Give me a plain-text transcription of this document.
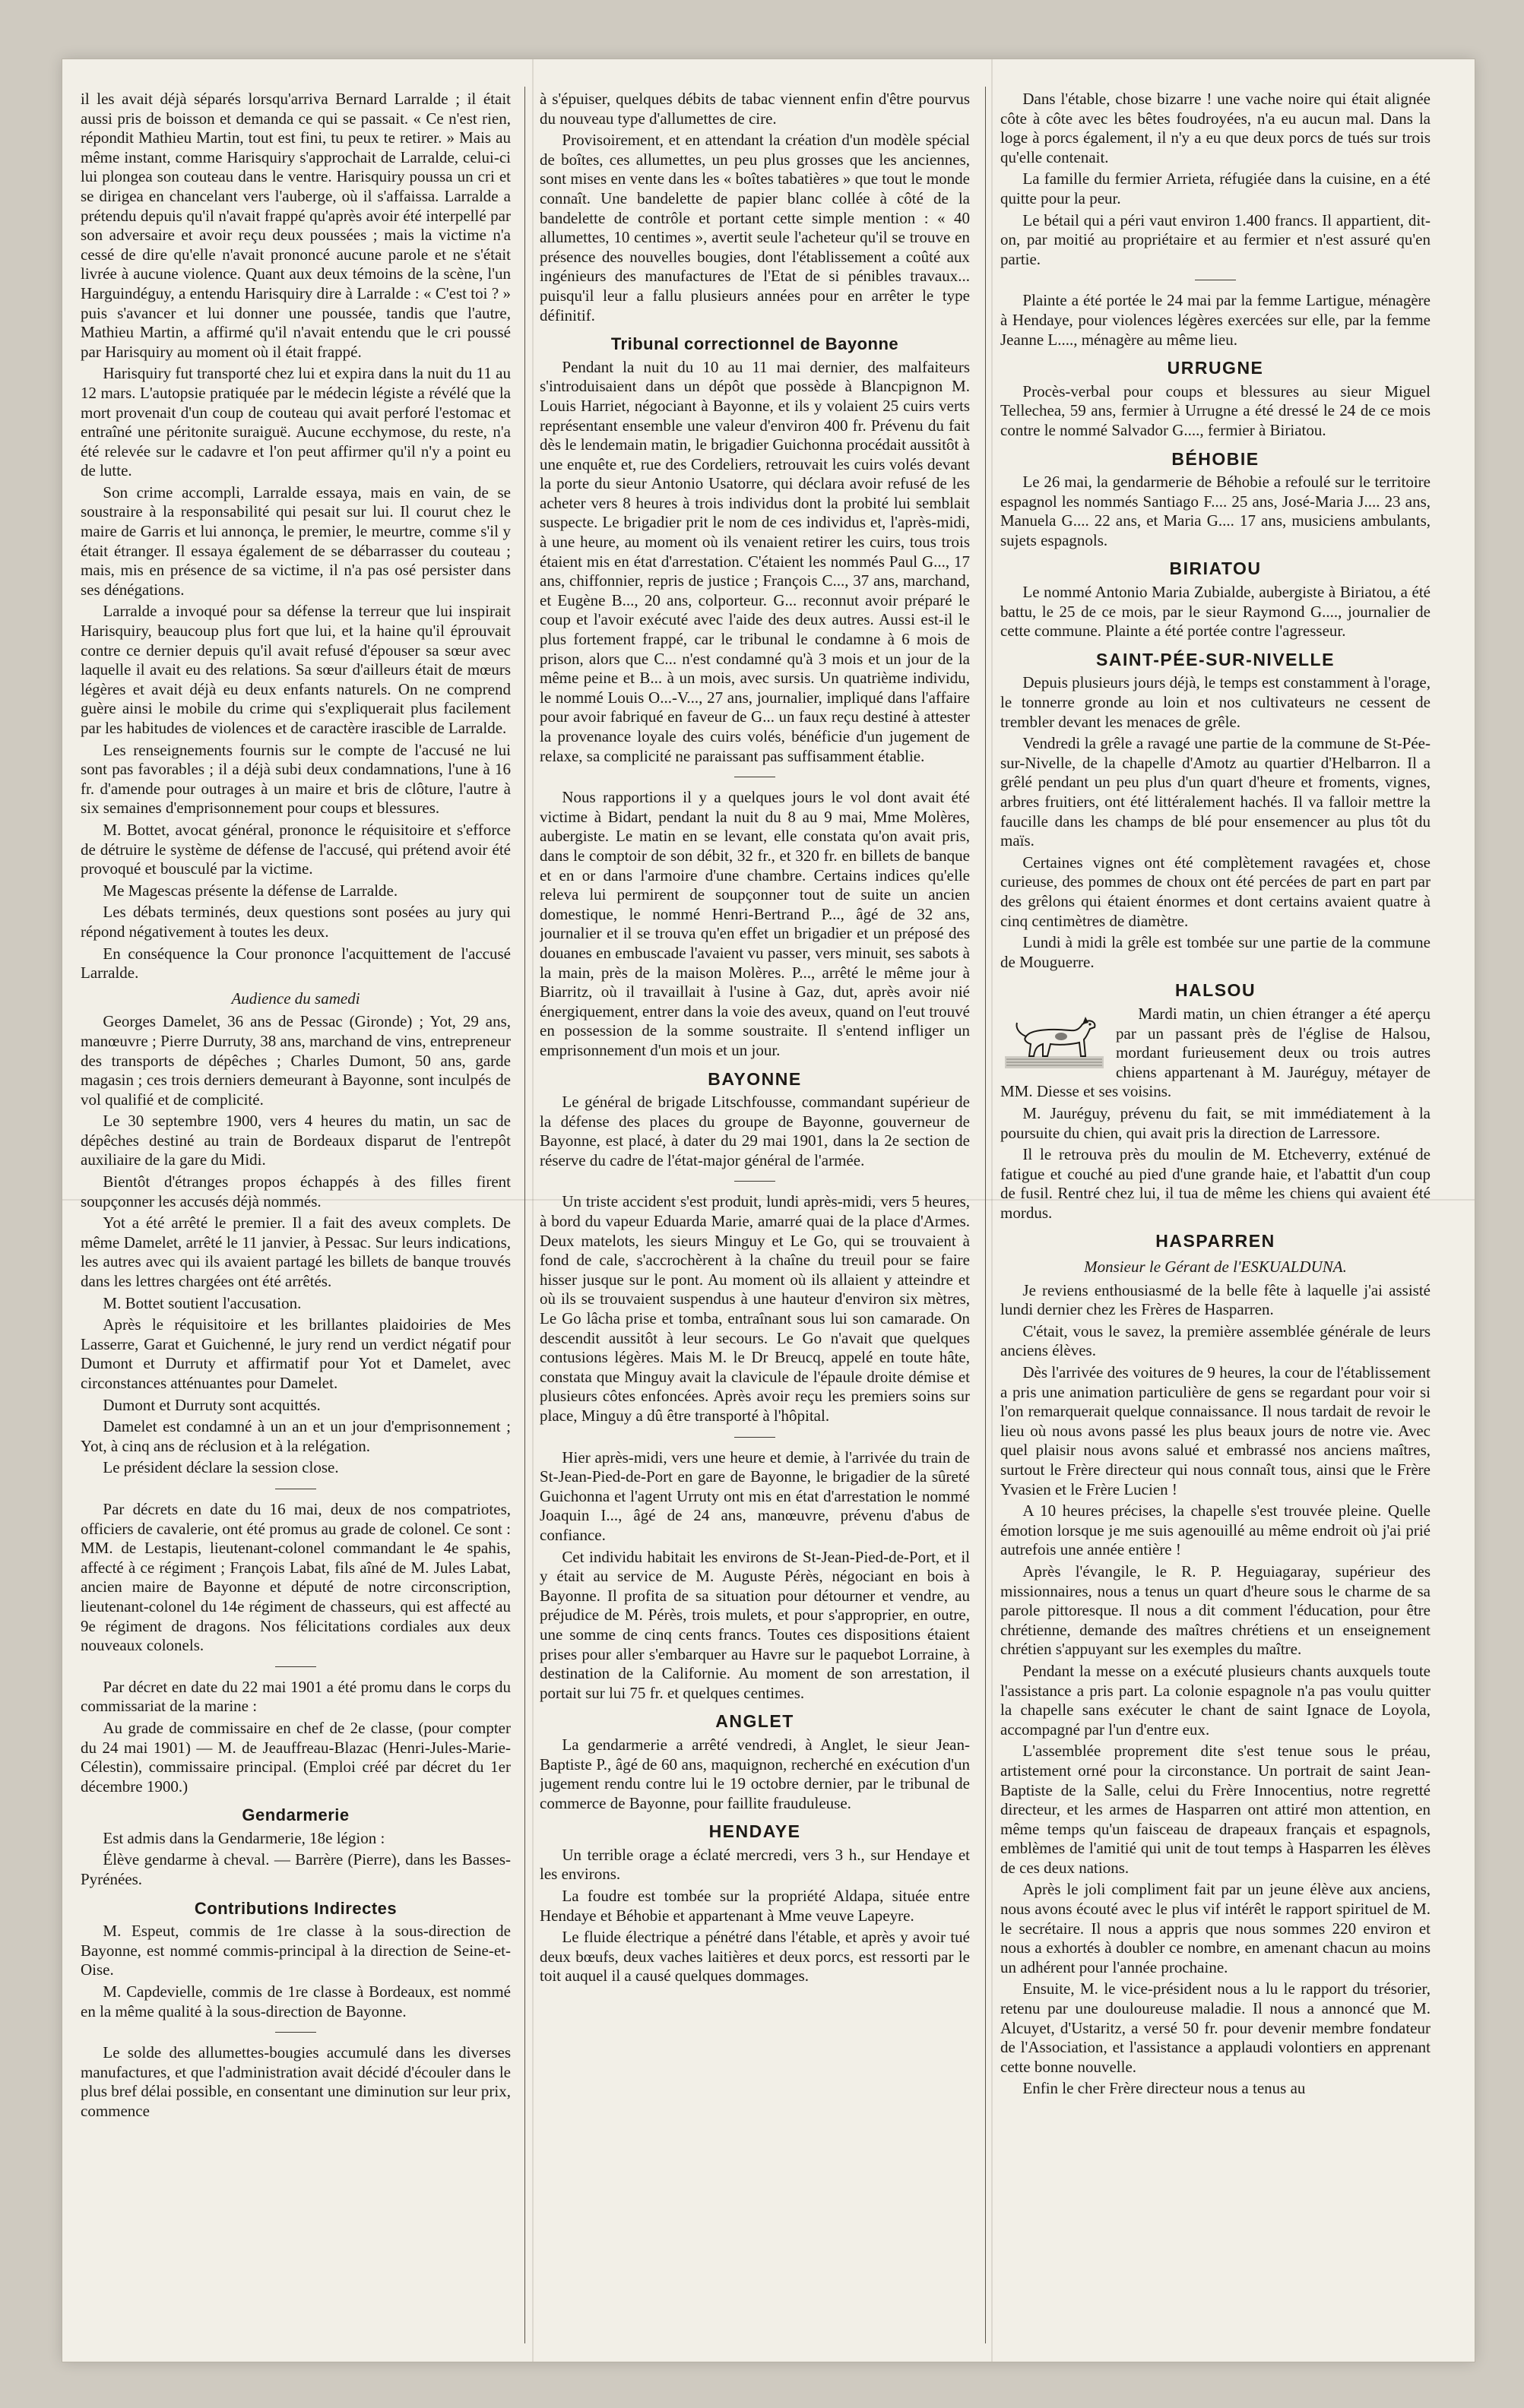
il les avait déjà séparés lorsqu'arriva Bernard Larralde ; il était aussi pris de boisson et demanda ce qui se passait. « Ce n'est rien, répondit Mathieu Martin, tout est fini, tu peux te retirer. » Mais au même instant, comme Harisquiry s'approchait de Larralde, celui-ci lui plongea son couteau dans le ventre. Harisquiry poussa un cri et se dirigea en chancelant vers l'auberge, où il s'affaissa. Larralde a prétendu depuis qu'il n'avait frappé qu'après avoir été interpellé par son adversaire et avoir reçu deux poussées ; mais la victime n'a cessé de dire qu'elle n'avait prononcé aucune parole et ne s'était livrée à aucune violence. Quant aux deux témoins de la scène, l'un Harguindéguy, a entendu Harisquiry dire à Larralde : « C'est toi ? » puis s'avancer et lui donner une poussée, tandis que l'autre, Mathieu Martin, a affirmé qu'il n'avait entendu que le cri poussé par Harisquiry au moment où il était frappé.

Harisquiry fut transporté chez lui et expira dans la nuit du 11 au 12 mars. L'autopsie pratiquée par le médecin légiste a révélé que la mort provenait d'un coup de couteau qui avait perforé l'estomac et entraîné une péritonite suraiguë. Aucune ecchymose, du reste, n'a été relevée sur le cadavre et l'on peut affirmer qu'il n'y a point eu de lutte.

Son crime accompli, Larralde essaya, mais en vain, de se soustraire à la responsabilité qui pesait sur lui. Il courut chez le maire de Garris et lui annonça, le premier, le meurtre, comme s'il y était étranger. Il essaya également de se débarrasser du couteau ; mais, mis en présence de sa victime, il n'a pas osé persister dans ses dénégations.

Larralde a invoqué pour sa défense la terreur que lui inspirait Harisquiry, beaucoup plus fort que lui, et la haine qu'il éprouvait contre ce dernier depuis qu'il avait refusé d'épouser sa sœur avec laquelle il avait eu des relations. Sa sœur d'ailleurs était de mœurs légères et avait déjà eu deux enfants naturels. On ne comprend guère ainsi le mobile du crime qui s'expliquerait plus facilement par les habitudes de violences et de caractère irascible de Larralde.

Les renseignements fournis sur le compte de l'accusé ne lui sont pas favorables ; il a déjà subi deux condamnations, l'une à 16 fr. d'amende pour outrages à un maire et bris de clôture, l'autre à six semaines d'emprisonnement pour coups et blessures.

M. Bottet, avocat général, prononce le réquisitoire et s'efforce de détruire le système de défense de l'accusé, qui prétend avoir été provoqué et bousculé par la victime.

Me Magescas présente la défense de Larralde.

Les débats terminés, deux questions sont posées au jury qui répond négativement à toutes les deux.

En conséquence la Cour prononce l'acquittement de l'accusé Larralde.

Audience du samedi

Georges Damelet, 36 ans de Pessac (Gironde) ; Yot, 29 ans, manœuvre ; Pierre Durruty, 38 ans, marchand de vins, entrepreneur des transports de dépêches ; Charles Dumont, 50 ans, garde magasin ; ces trois derniers demeurant à Bayonne, sont inculpés de vol qualifié et de complicité.

Le 30 septembre 1900, vers 4 heures du matin, un sac de dépêches destiné au train de Bordeaux disparut de l'entrepôt auxiliaire de la gare du Midi.

Bientôt d'étranges propos échappés à des filles firent soupçonner les accusés déjà nommés.

Yot a été arrêté le premier. Il a fait des aveux complets. De même Damelet, arrêté le 11 janvier, à Pessac. Sur leurs indications, les autres avec qui ils avaient partagé les billets de banque trouvés dans les lettres chargées ont été arrêtés.

M. Bottet soutient l'accusation.

Après le réquisitoire et les brillantes plaidoiries de Mes Lasserre, Garat et Guichenné, le jury rend un verdict négatif pour Dumont et Durruty et affirmatif pour Yot et Damelet, avec circonstances atténuantes pour Damelet.

Dumont et Durruty sont acquittés.

Damelet est condamné à un an et un jour d'emprisonnement ; Yot, à cinq ans de réclusion et à la relégation.

Le président déclare la session close.

Par décrets en date du 16 mai, deux de nos compatriotes, officiers de cavalerie, ont été promus au grade de colonel. Ce sont : MM. de Lestapis, lieutenant-colonel commandant le 4e spahis, affecté à ce régiment ; François Labat, fils aîné de M. Jules Labat, ancien maire de Bayonne et député de notre circonscription, lieutenant-colonel du 14e régiment de chasseurs, qui est affecté au 9e régiment de dragons. Nos félicitations cordiales aux deux nouveaux colonels.

Par décret en date du 22 mai 1901 a été promu dans le corps du commissariat de la marine :

Au grade de commissaire en chef de 2e classe, (pour compter du 24 mai 1901) — M. de Jeauffreau-Blazac (Henri-Jules-Marie-Célestin), commissaire principal. (Emploi créé par décret du 1er décembre 1900.)

Gendarmerie

Est admis dans la Gendarmerie, 18e légion :

Élève gendarme à cheval. — Barrère (Pierre), dans les Basses-Pyrénées.

Contributions Indirectes

M. Espeut, commis de 1re classe à la sous-direction de Bayonne, est nommé commis-principal à la direction de Seine-et-Oise.

M. Capdevielle, commis de 1re classe à Bordeaux, est nommé en la même qualité à la sous-direction de Bayonne.

Le solde des allumettes-bougies accumulé dans les diverses manufactures, et que l'administration avait décidé d'écouler dans le plus bref délai possible, en consentant une diminution sur leur prix, commence

à s'épuiser, quelques débits de tabac viennent enfin d'être pourvus du nouveau type d'allumettes de cire.

Provisoirement, et en attendant la création d'un modèle spécial de boîtes, ces allumettes, un peu plus grosses que les anciennes, sont mises en vente dans les « boîtes tabatières » que tout le monde connaît. Une bandelette de papier blanc collée à côté de la bandelette de contrôle et portant cette simple mention : « 40 allumettes, 10 centimes », avertit seule l'acheteur qu'il se trouve en présence des nouvelles bougies, dont l'établissement a coûté aux ingénieurs des manufactures de l'Etat de si pénibles travaux... puisqu'il leur a fallu plusieurs années pour en arrêter le type définitif.

Tribunal correctionnel de Bayonne

Pendant la nuit du 10 au 11 mai dernier, des malfaiteurs s'introduisaient dans un dépôt que possède à Blancpignon M. Louis Harriet, négociant à Bayonne, et ils y volaient 25 cuirs verts représentant ensemble une valeur d'environ 400 fr. Prévenu du fait dès le lendemain matin, le brigadier Guichonna procédait aussitôt à une enquête et, rue des Cordeliers, retrouvait les cuirs volés devant la porte du sieur Antonio Usatorre, qui déclara avoir refusé de les acheter vers 8 heures à trois individus dont la probité lui semblait suspecte. Le brigadier prit le nom de ces individus et, l'après-midi, à une heure, au moment où ils venaient retirer les cuirs, tous trois étaient mis en état d'arrestation. C'étaient les nommés Paul G..., 17 ans, chiffonnier, repris de justice ; François C..., 37 ans, marchand, et Eugène B..., 20 ans, colporteur. G... reconnut avoir préparé le coup et l'avoir exécuté avec l'aide des deux autres. Aussi est-il le plus fortement frappé, car le tribunal le condamne à 6 mois de prison, alors que C... n'est condamné qu'à 3 mois et un jour de la même peine et B... à un mois, avec sursis. Un quatrième individu, le nommé Louis O...-V..., 27 ans, journalier, impliqué dans l'affaire pour avoir fabriqué en faveur de G... un faux reçu destiné à attester la provenance loyale des cuirs volés, bénéficie d'un jugement de relaxe, sa complicité ne paraissant pas suffisamment établie.

Nous rapportions il y a quelques jours le vol dont avait été victime à Bidart, pendant la nuit du 8 au 9 mai, Mme Molères, aubergiste. Le matin en se levant, elle constata qu'on avait pris, dans le comptoir de son débit, 32 fr., et 320 fr. en billets de banque et en or dans l'armoire d'une chambre. Certains indices qu'elle releva lui permirent de soupçonner tout de suite un ancien domestique, le nommé Henri-Bertrand P..., âgé de 32 ans, journalier et il se trouva qu'en effet un brigadier et un préposé des douanes en embuscade l'avaient vu passer, vers minuit, ses sabots à la main, près de la maison Molères. P..., arrêté le même jour à Biarritz, où il travaillait à l'usine à Gaz, dut, après avoir nié énergiquement, entrer dans la voie des aveux, quand on l'eut trouvé en possession de la somme soustraite. Il s'entend infliger un emprisonnement d'un mois et un jour.

BAYONNE

Le général de brigade Litschfousse, commandant supérieur de la défense des places du groupe de Bayonne, gouverneur de Bayonne, est placé, à dater du 29 mai 1901, dans la 2e section de réserve du cadre de l'état-major général de l'armée.

Un triste accident s'est produit, lundi après-midi, vers 5 heures, à bord du vapeur Eduarda Marie, amarré quai de la place d'Armes. Deux matelots, les sieurs Minguy et Le Go, qui se trouvaient à fond de cale, s'accrochèrent à la chaîne du treuil pour se faire hisser jusque sur le pont. Au moment où ils allaient y atteindre et où ils se trouvaient suspendus à une hauteur d'environ six mètres, Le Go lâcha prise et tomba, entraînant sous lui son camarade. On descendit aussitôt à leur secours. Le Go n'avait que quelques contusions légères. Mais M. le Dr Breucq, appelé en toute hâte, constata que Minguy avait la clavicule de l'épaule droite démise et plusieurs côtes enfoncées. Après avoir reçu les premiers soins sur place, Minguy a dû être transporté à l'hôpital.

Hier après-midi, vers une heure et demie, à l'arrivée du train de St-Jean-Pied-de-Port en gare de Bayonne, le brigadier de la sûreté Guichonna et l'agent Urruty ont mis en état d'arrestation le nommé Joaquin I..., âgé de 24 ans, manœuvre, prévenu d'abus de confiance.

Cet individu habitait les environs de St-Jean-Pied-de-Port, et il y était au service de M. Auguste Pérès, négociant en bois à Bayonne. Il profita de sa situation pour détourner et vendre, au préjudice de M. Pérès, trois mulets, et pour s'approprier, en outre, une somme de cinq cents francs. Toutes ces dispositions étaient prises pour aller s'embarquer au Havre sur le paquebot Lorraine, à destination de la Californie. Au moment de son arrestation, il portait sur lui 75 fr. et quelques centimes.

ANGLET

La gendarmerie a arrêté vendredi, à Anglet, le sieur Jean-Baptiste P., âgé de 60 ans, maquignon, recherché en exécution d'un jugement rendu contre lui le 19 octobre dernier, par le tribunal de commerce de Bayonne, pour faillite frauduleuse.

HENDAYE

Un terrible orage a éclaté mercredi, vers 3 h., sur Hendaye et les environs.

La foudre est tombée sur la propriété Aldapa, située entre Hendaye et Béhobie et appartenant à Mme veuve Lapeyre.

Le fluide électrique a pénétré dans l'étable, et après y avoir tué deux bœufs, deux vaches laitières et deux porcs, est ressorti par le toit auquel il a causé quelques dommages.

Dans l'étable, chose bizarre ! une vache noire qui était alignée côte à côte avec les bêtes foudroyées, n'a eu aucun mal. Dans la loge à porcs également, il n'y a eu que deux porcs de tués sur trois qu'elle contenait.

La famille du fermier Arrieta, réfugiée dans la cuisine, en a été quitte pour la peur.

Le bétail qui a péri vaut environ 1.400 francs. Il appartient, dit-on, par moitié au propriétaire et au fermier et n'est assuré qu'en partie.

Plainte a été portée le 24 mai par la femme Lartigue, ménagère à Hendaye, pour violences légères exercées sur elle, par la femme Jeanne L...., ménagère au même lieu.

URRUGNE

Procès-verbal pour coups et blessures au sieur Miguel Tellechea, 59 ans, fermier à Urrugne a été dressé le 24 de ce mois contre le nommé Salvador G...., fermier à Biriatou.

BÉHOBIE

Le 26 mai, la gendarmerie de Béhobie a refoulé sur le territoire espagnol les nommés Santiago F.... 25 ans, José-Maria J.... 23 ans, Manuela G.... 22 ans, et Maria G.... 17 ans, musiciens ambulants, sujets espagnols.

BIRIATOU

Le nommé Antonio Maria Zubialde, aubergiste à Biriatou, a été battu, le 25 de ce mois, par le sieur Raymond G...., journalier de cette commune. Plainte a été portée contre l'agresseur.

SAINT-PÉE-SUR-NIVELLE

Depuis plusieurs jours déjà, le temps est constamment à l'orage, le tonnerre gronde au loin et nos cultivateurs ne cessent de trembler devant les menaces de grêle.

Vendredi la grêle a ravagé une partie de la commune de St-Pée-sur-Nivelle, de la chapelle d'Amotz au quartier d'Helbarron. Il a grêlé pendant un peu plus d'un quart d'heure et froments, vignes, arbres fruitiers, ont été littéralement hachés. Il va falloir mettre la faucille dans les champs de blé pour ensemencer au plus tôt du maïs.

Certaines vignes ont été complètement ravagées et, chose curieuse, des pommes de choux ont été percées de part en part par des grêlons qui étaient énormes et dont certains avaient quatre à cinq centimètres de diamètre.

Lundi à midi la grêle est tombée sur une partie de la commune de Mouguerre.

HALSOU

Mardi matin, un chien étranger a été aperçu par un passant près de l'église de Halsou, mordant furieusement deux ou trois autres chiens appartenant à M. Jauréguy, métayer de MM. Diesse et ses voisins.

M. Jauréguy, prévenu du fait, se mit immédiatement à la poursuite du chien, qui avait pris la direction de Larressore.

Il le retrouva près du moulin de M. Etcheverry, exténué de fatigue et couché au pied d'une grande haie, et l'abattit d'un coup de fusil. Rentré chez lui, il tua de même les chiens qui avaient été mordus.

HASPARREN
Monsieur le Gérant de l'ESKUALDUNA.

Je reviens enthousiasmé de la belle fête à laquelle j'ai assisté lundi dernier chez les Frères de Hasparren.

C'était, vous le savez, la première assemblée générale de leurs anciens élèves.

Dès l'arrivée des voitures de 9 heures, la cour de l'établissement a pris une animation particulière de gens se regardant pour voir si l'on remarquerait quelque connaissance. Il nous tardait de revoir le lieu où nous avons passé les plus beaux jours de notre vie. Avec quel plaisir nous avons salué et embrassé nos anciens maîtres, surtout le Frère directeur qui nous connaît tous, ainsi que le Frère Yvasien et le Frère Lucien !

A 10 heures précises, la chapelle s'est trouvée pleine. Quelle émotion lorsque je me suis agenouillé au même endroit où j'ai prié autrefois une année entière !

Après l'évangile, le R. P. Heguiagaray, supérieur des missionnaires, nous a tenus un quart d'heure sous le charme de sa parole pittoresque. Il nous a dit comment l'éducation, pour être chrétienne, demande des maîtres chrétiens et un enseignement chrétien s'appuyant sur les exemples du maître.

Pendant la messe on a exécuté plusieurs chants auxquels toute l'assistance a pris part. La colonie espagnole n'a pas voulu quitter la chapelle sans exécuter le chant de saint Ignace de Loyola, accompagné par l'un d'entre eux.

L'assemblée proprement dite s'est tenue sous le préau, artistement orné pour la circonstance. Un portrait de saint Jean-Baptiste de la Salle, celui du Frère Innocentius, notre regretté directeur, et les armes de Hasparren ont attiré mon attention, en même temps qu'un faisceau de drapeaux français et espagnols, emblèmes de l'amitié qui unit de tout temps à Hasparren les élèves de ces deux nations.

Après le joli compliment fait par un jeune élève aux anciens, nous avons écouté avec le plus vif intérêt le rapport spirituel de M. le secrétaire. Il nous a appris que nous sommes 220 environ et nous a exhortés à doubler ce nombre, en amenant chacun au moins un adhérent pour l'année prochaine.

Ensuite, M. le vice-président nous a lu le rapport du trésorier, retenu par une douloureuse maladie. Il nous a annoncé que M. Alcuyet, d'Ustaritz, a versé 50 fr. pour devenir membre fondateur de l'Association, et l'assistance a applaudi volontiers en apprenant cette bonne nouvelle.

Enfin le cher Frère directeur nous a tenus au
